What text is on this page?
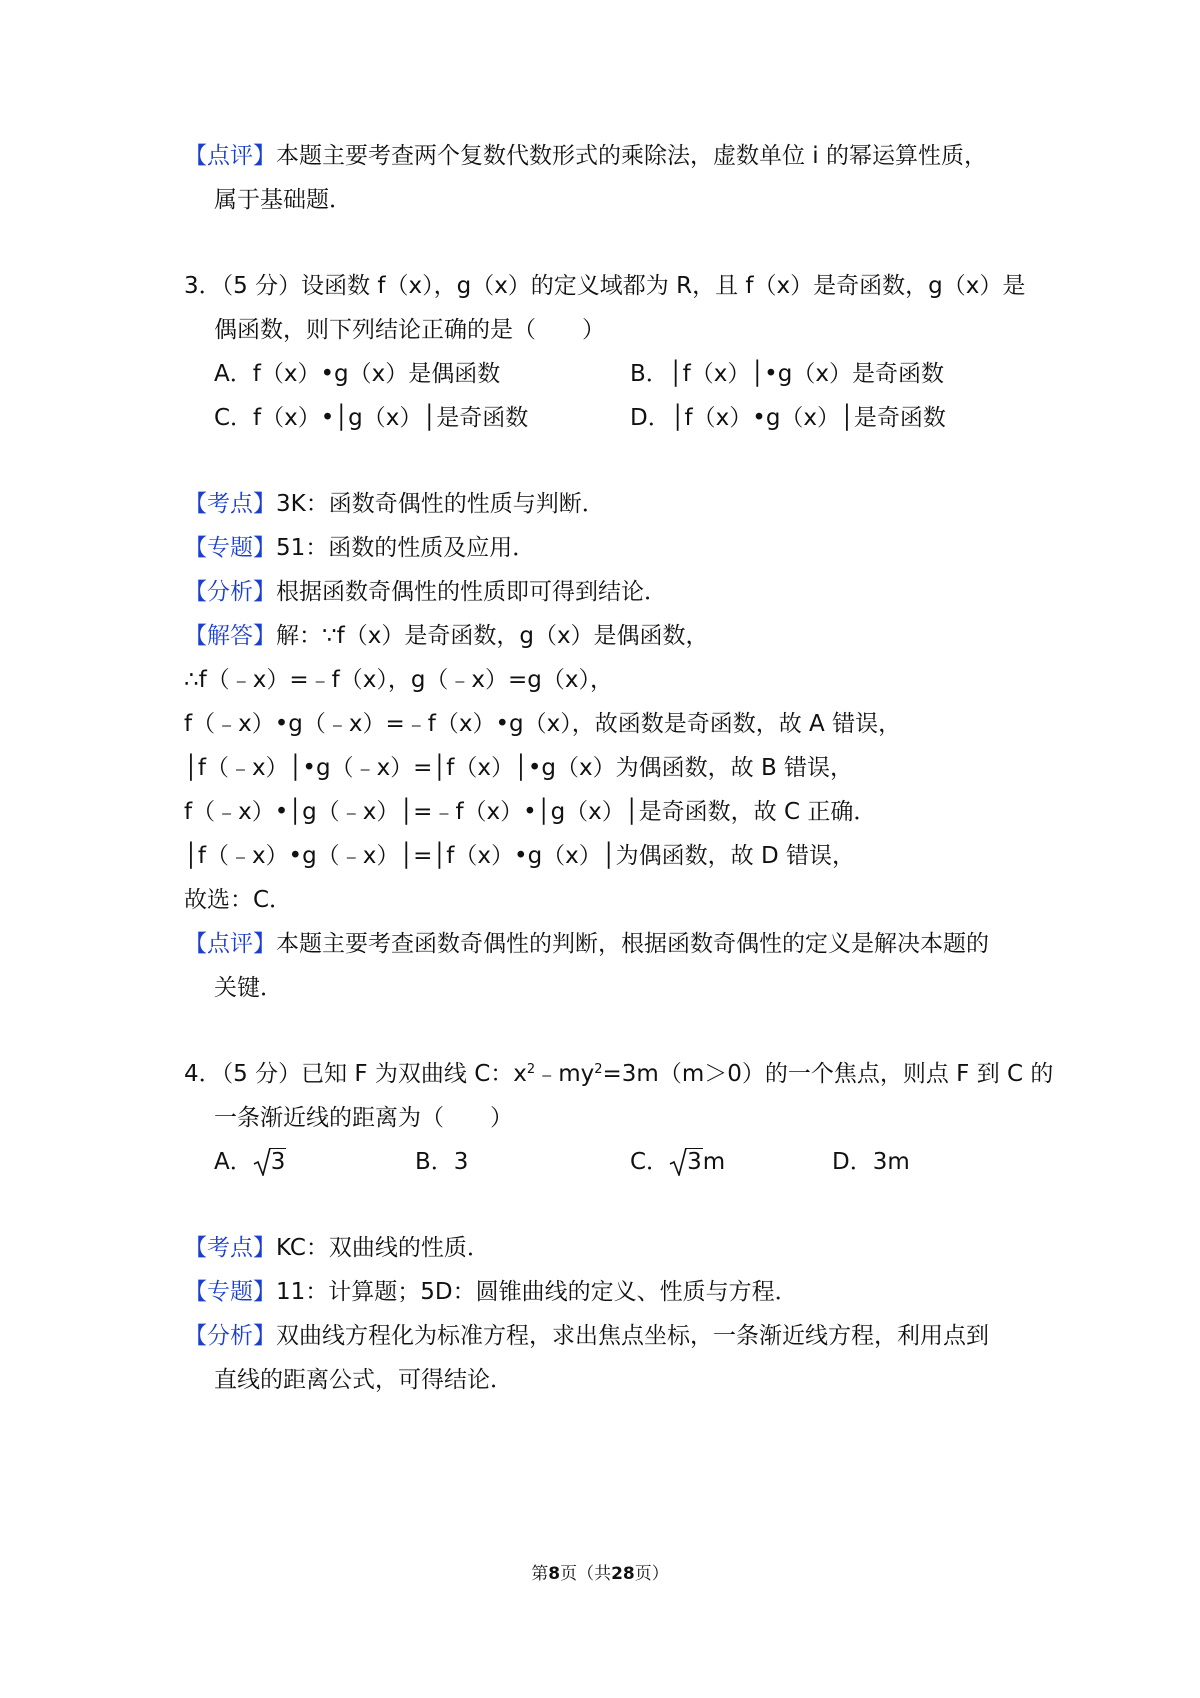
【点评】本题主要考查两个复数代数形式的乘除法，虚数单位 i 的幂运算性质，
属于基础题．
3．（5 分）设函数 f（x），g（x）的定义域都为 R，且 f（x）是奇函数，g（x）是
偶函数，则下列结论正确的是（　　）
A．f（x）•g（x）是偶函数	B．│f（x）│•g（x）是奇函数
C．f（x）•│g（x）│是奇函数	D．│f（x）•g（x）│是奇函数
【考点】3K：函数奇偶性的性质与判断．
【专题】51：函数的性质及应用．
【分析】根据函数奇偶性的性质即可得到结论．
【解答】解：∵f（x）是奇函数，g（x）是偶函数，
∴f（﹣x）=﹣f（x），g（﹣x）=g（x），
f（﹣x）•g（﹣x）=﹣f（x）•g（x），故函数是奇函数，故 A 错误，
│f（﹣x）│•g（﹣x）=│f（x）│•g（x）为偶函数，故 B 错误，
f（﹣x）•│g（﹣x）│=﹣f（x）•│g（x）│是奇函数，故 C 正确．
│f（﹣x）•g（﹣x）│=│f（x）•g（x）│为偶函数，故 D 错误，
故选：C．
【点评】本题主要考查函数奇偶性的判断，根据函数奇偶性的定义是解决本题的
关键．
4．（5 分）已知 F 为双曲线 C：$x^2﹣my^2=3m(m>0)$的一个焦点，则点 F 到 C 的
一条渐近线的距离为（　　）
A． 3	B．3	C． 3m	D．3m
【考点】KC：双曲线的性质．
【专题】11：计算题；5D：圆锥曲线的定义、性质与方程．
【分析】双曲线方程化为标准方程，求出焦点坐标，一条渐近线方程，利用点到
直线的距离公式，可得结论．
第8页（共28页）
